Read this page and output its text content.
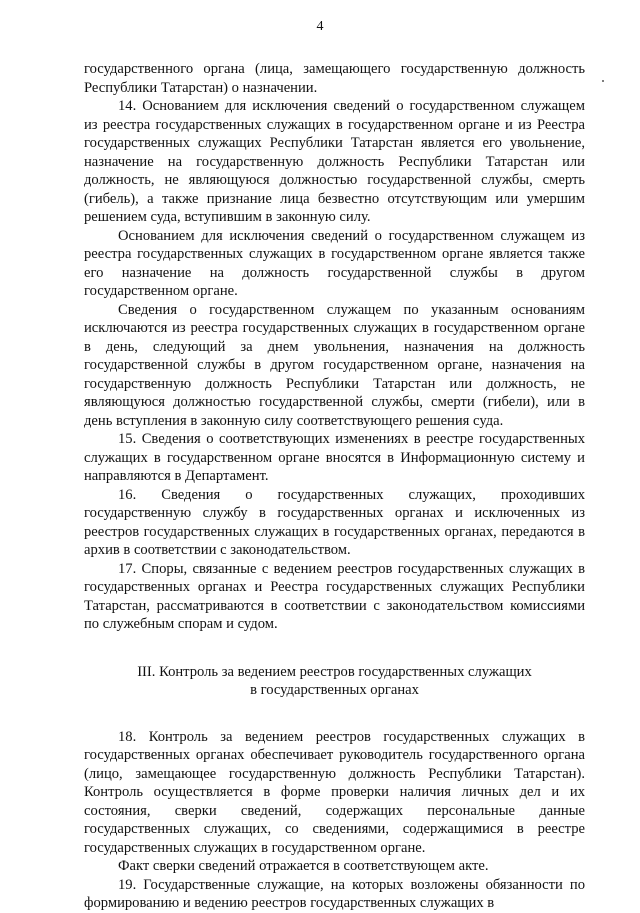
4

государственного органа (лица, замещающего государственную должность Республики Татарстан) о назначении.

14. Основанием для исключения сведений о государственном служащем из реестра государственных служащих в государственном органе и из Реестра государственных служащих Республики Татарстан является его увольнение, назначение на государственную должность Республики Татарстан или должность, не являющуюся должностью государственной службы, смерть (гибель), а также признание лица безвестно отсутствующим или умершим решением суда, вступившим в законную силу.

Основанием для исключения сведений о государственном служащем из реестра государственных служащих в государственном органе является также его назначение на должность государственной службы в другом государственном органе.

Сведения о государственном служащем по указанным основаниям исключаются из реестра государственных служащих в государственном органе в день, следующий за днем увольнения, назначения на должность государственной службы в другом государственном органе, назначения на государственную должность Республики Татарстан или должность, не являющуюся должностью государственной службы, смерти (гибели), или в день вступления в законную силу соответствующего решения суда.

15. Сведения о соответствующих изменениях в реестре государственных служащих в государственном органе вносятся в Информационную систему и направляются в Департамент.

16. Сведения о государственных служащих, проходивших государственную службу в государственных органах и исключенных из реестров государственных служащих в государственных органах, передаются в архив в соответствии с законодательством.

17. Споры, связанные с ведением реестров государственных служащих в государственных органах и Реестра государственных служащих Республики Татарстан, рассматриваются в соответствии с законодательством комиссиями по служебным спорам и судом.

III. Контроль за ведением реестров государственных служащих
в государственных органах

18. Контроль за ведением реестров государственных служащих в государственных органах обеспечивает руководитель государственного органа (лицо, замещающее государственную должность Республики Татарстан). Контроль осуществляется в форме проверки наличия личных дел и их состояния, сверки сведений, содержащих персональные данные государственных служащих, со сведениями, содержащимися в реестре государственных служащих в государственном органе.

Факт сверки сведений отражается в соответствующем акте.

19. Государственные служащие, на которых возложены обязанности по формированию и ведению реестров государственных служащих в
